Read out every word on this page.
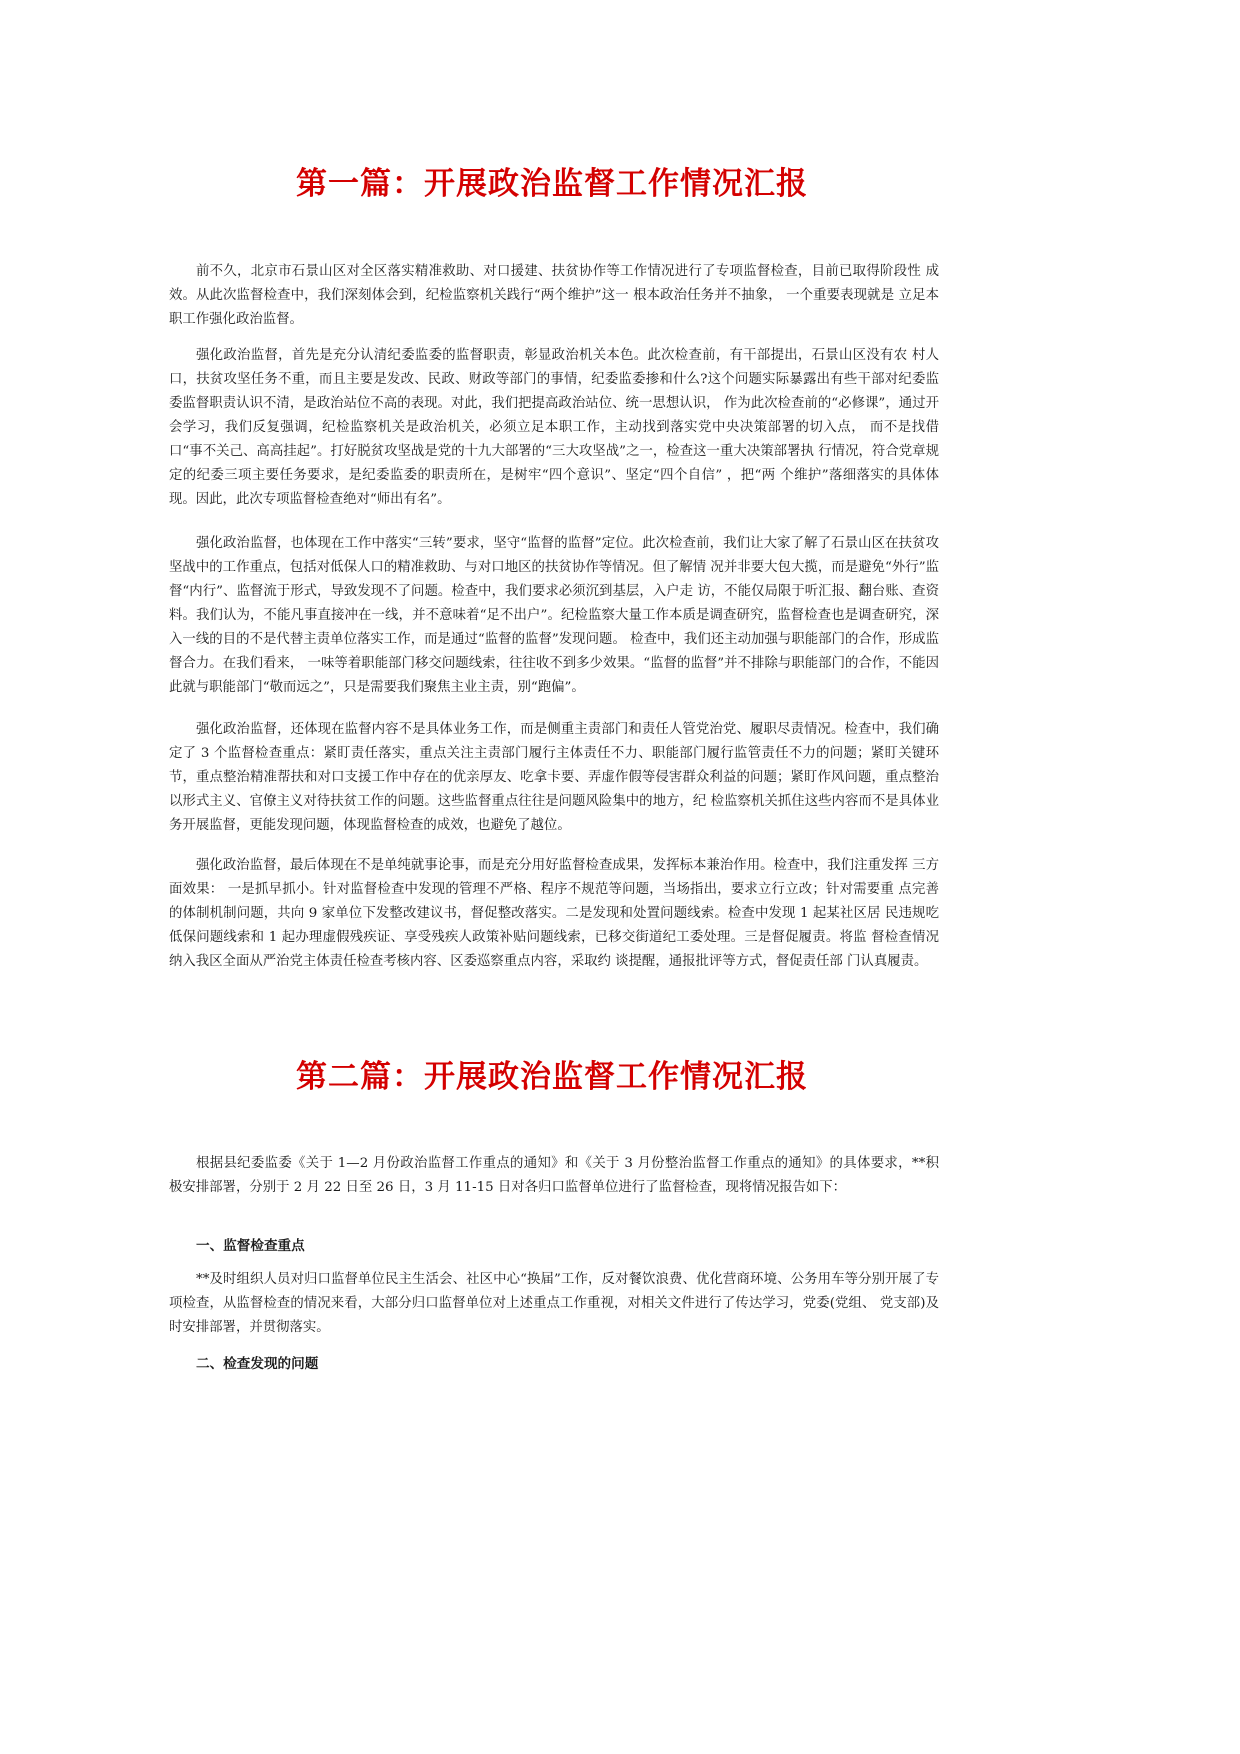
第一篇：开展政治监督工作情况汇报

前不久，北京市石景山区对全区落实精准救助、对口援建、扶贫协作等工作情况进行了专项监督检查，目前已取得阶段性 成效。从此次监督检查中，我们深刻体会到，纪检监察机关践行“两个维护”这一 根本政治任务并不抽象， 一个重要表现就是 立足本职工作强化政治监督。

强化政治监督，首先是充分认清纪委监委的监督职责，彰显政治机关本色。此次检查前，有干部提出，石景山区没有农 村人口，扶贫攻坚任务不重，而且主要是发改、民政、财政等部门的事情，纪委监委掺和什么?这个问题实际暴露出有些干部对纪委监委监督职责认识不清，是政治站位不高的表现。对此，我们把提高政治站位、统一思想认识， 作为此次检查前的“必修课”，通过开会学习，我们反复强调，纪检监察机关是政治机关，必须立足本职工作，主动找到落实党中央决策部署的切入点， 而不是找借口“事不关己、高高挂起”。打好脱贫攻坚战是党的十九大部署的“三大攻坚战”之一，检查这一重大决策部署执 行情况，符合党章规定的纪委三项主要任务要求，是纪委监委的职责所在，是树牢“四个意识”、坚定“四个自信” ，把“两 个维护”落细落实的具体体现。因此，此次专项监督检查绝对“师出有名”。

强化政治监督，也体现在工作中落实“三转”要求，坚守“监督的监督”定位。此次检查前，我们让大家了解了石景山区在扶贫攻坚战中的工作重点，包括对低保人口的精准救助、与对口地区的扶贫协作等情况。但了解情 况并非要大包大揽，而是避免“外行”监督“内行”、监督流于形式，导致发现不了问题。检查中，我们要求必须沉到基层，入户走 访，不能仅局限于听汇报、翻台账、查资料。我们认为，不能凡事直接冲在一线，并不意味着“足不出户”。纪检监察大量工作本质是调查研究，监督检查也是调查研究，深入一线的目的不是代替主责单位落实工作，而是通过“监督的监督”发现问题。 检查中，我们还主动加强与职能部门的合作，形成监督合力。在我们看来， 一味等着职能部门移交问题线索，往往收不到多少效果。“监督的监督”并不排除与职能部门的合作，不能因此就与职能部门“敬而远之”，只是需要我们聚焦主业主责，别“跑偏”。

强化政治监督，还体现在监督内容不是具体业务工作，而是侧重主责部门和责任人管党治党、履职尽责情况。检查中，我们确定了 3 个监督检查重点：紧盯责任落实，重点关注主责部门履行主体责任不力、职能部门履行监管责任不力的问题；紧盯关键环节，重点整治精准帮扶和对口支援工作中存在的优亲厚友、吃拿卡要、弄虚作假等侵害群众利益的问题；紧盯作风问题，重点整治以形式主义、官僚主义对待扶贫工作的问题。这些监督重点往往是问题风险集中的地方，纪 检监察机关抓住这些内容而不是具体业务开展监督，更能发现问题，体现监督检查的成效，也避免了越位。

强化政治监督，最后体现在不是单纯就事论事，而是充分用好监督检查成果，发挥标本兼治作用。检查中，我们注重发挥 三方面效果： 一是抓早抓小。针对监督检查中发现的管理不严格、程序不规范等问题，当场指出，要求立行立改；针对需要重 点完善的体制机制问题，共向 9 家单位下发整改建议书，督促整改落实。二是发现和处置问题线索。检查中发现 1 起某社区居 民违规吃低保问题线索和 1 起办理虚假残疾证、享受残疾人政策补贴问题线索，已移交街道纪工委处理。三是督促履责。将监 督检查情况纳入我区全面从严治党主体责任检查考核内容、区委巡察重点内容，采取约 谈提醒，通报批评等方式，督促责任部 门认真履责。

第二篇：开展政治监督工作情况汇报

根据县纪委监委《关于 1—2 月份政治监督工作重点的通知》和《关于 3 月份整治监督工作重点的通知》的具体要求，**积 极安排部署，分别于 2 月 22 日至 26 日，3 月 11-15 日对各归口监督单位进行了监督检查，现将情况报告如下：

一、监督检查重点

**及时组织人员对归口监督单位民主生活会、社区中心“换届”工作，反对餐饮浪费、优化营商环境、公务用车等分别开展了专项检查，从监督检查的情况来看，大部分归口监督单位对上述重点工作重视，对相关文件进行了传达学习，党委(党组、 党支部)及时安排部署，并贯彻落实。

二、检查发现的问题
